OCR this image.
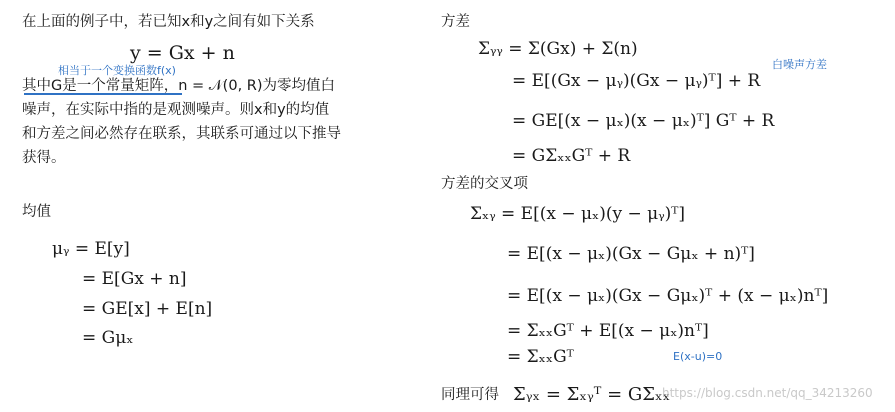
在上面的例子中，若已知x和y之间有如下关系
y = Gx + n
相当于一个变换函数f(x)
其中G是一个常量矩阵，n = 𝒩(0, R)为零均值白
噪声，在实际中指的是观测噪声。则x和y的均值
和方差之间必然存在联系，其联系可通过以下推导
获得。
均值
μᵧ = E[y]
= E[Gx + n]
= GE[x] + E[n]
= Gμₓ
方差
Σᵧᵧ = Σ(Gx) + Σ(n)
= E[(Gx − μᵧ)(Gx − μᵧ)ᵀ] + R
白噪声方差
= GE[(x − μₓ)(x − μₓ)ᵀ] Gᵀ + R
= GΣₓₓGᵀ + R
方差的交叉项
Σₓᵧ = E[(x − μₓ)(y − μᵧ)ᵀ]
= E[(x − μₓ)(Gx − Gμₓ + n)ᵀ]
= E[(x − μₓ)(Gx − Gμₓ)ᵀ + (x − μₓ)nᵀ]
= ΣₓₓGᵀ + E[(x − μₓ)nᵀ]
= ΣₓₓGᵀ	E(x-u)=0
同理可得 Σᵧₓ = Σₓᵧᵀ = GΣₓₓ
https://blog.csdn.net/qq_34213260
